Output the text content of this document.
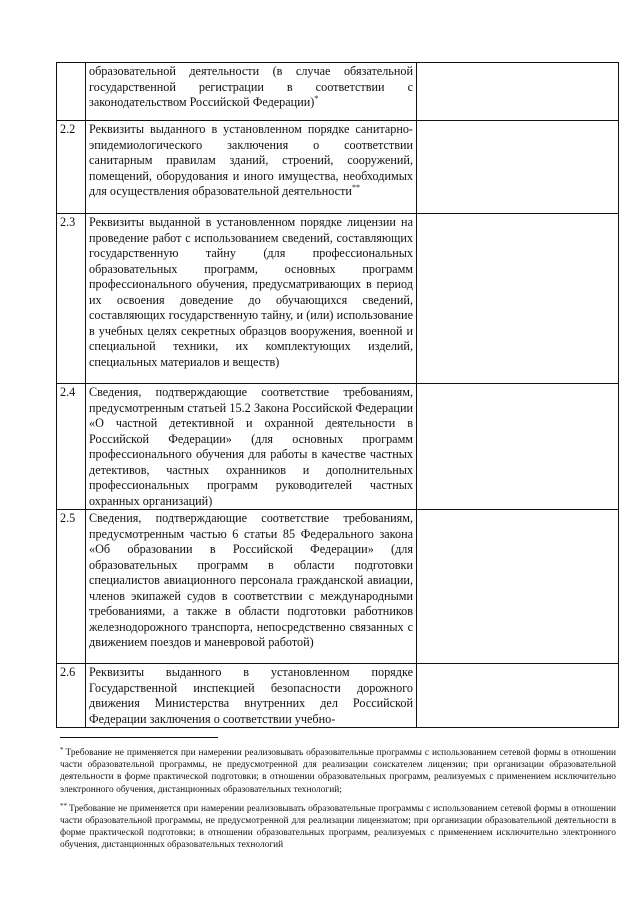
	образовательной деятельности (в случае обязательной государственной регистрации в соответствии с законодательством Российской Федерации)*	
2.2	Реквизиты выданного в установленном порядке санитарно-эпидемиологического заключения о соответствии санитарным правилам зданий, строений, сооружений, помещений, оборудования и иного имущества, необходимых для осуществления образовательной деятельности**	
2.3	Реквизиты выданной в установленном порядке лицензии на проведение работ с использованием сведений, составляющих государственную тайну (для профессиональных образовательных программ, основных программ профессионального обучения, предусматривающих в период их освоения доведение до обучающихся сведений, составляющих государственную тайну, и (или) использование в учебных целях секретных образцов вооружения, военной и специальной техники, их комплектующих изделий, специальных материалов и веществ)	
2.4	Сведения, подтверждающие соответствие требованиям, предусмотренным статьей 15.2 Закона Российской Федерации «О частной детективной и охранной деятельности в Российской Федерации» (для основных программ профессионального обучения для работы в качестве частных детективов, частных охранников и дополнительных профессиональных программ руководителей частных охранных организаций)	
2.5	Сведения, подтверждающие соответствие требованиям, предусмотренным частью 6 статьи 85 Федерального закона «Об образовании в Российской Федерации» (для образовательных программ в области подготовки специалистов авиационного персонала гражданской авиации, членов экипажей судов в соответствии с международными требованиями, а также в области подготовки работников железнодорожного транспорта, непосредственно связанных с движением поездов и маневровой работой)	
2.6	Реквизиты выданного в установленном порядке Государственной инспекцией безопасности дорожного движения Министерства внутренних дел Российской Федерации заключения о соответствии учебно-	

* Требование не применяется при намерении реализовывать образовательные программы с использованием сетевой формы в отношении части образовательной программы, не предусмотренной для реализации соискателем лицензии; при организации образовательной деятельности в форме практической подготовки; в отношении образовательных программ, реализуемых с применением исключительно электронного обучения, дистанционных образовательных технологий;

** Требование не применяется при намерении реализовывать образовательные программы с использованием сетевой формы в отношении части образовательной программы, не предусмотренной для реализации лицензиатом; при организации образовательной деятельности в форме практической подготовки; в отношении образовательных программ, реализуемых с применением исключительно электронного обучения, дистанционных образовательных технологий
